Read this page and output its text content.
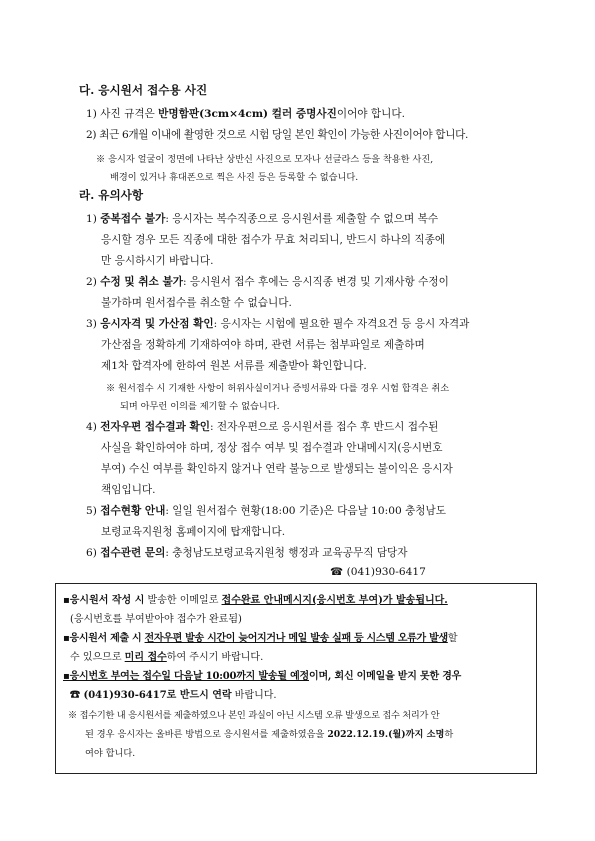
다. 응시원서 접수용 사진
1) 사진 규격은 반명함판(3cm×4cm) 컬러 증명사진이어야 합니다.
2) 최근 6개월 이내에 촬영한 것으로 시험 당일 본인 확인이 가능한 사진이어야 합니다.
※ 응시자 얼굴이 정면에 나타난 상반신 사진으로 모자나 선글라스 등을 착용한 사진,
배경이 있거나 휴대폰으로 찍은 사진 등은 등록할 수 없습니다.
라. 유의사항
1) 중복접수 불가: 응시자는 복수직종으로 응시원서를 제출할 수 없으며 복수
응시할 경우 모든 직종에 대한 접수가 무효 처리되니, 반드시 하나의 직종에
만 응시하시기 바랍니다.
2) 수정 및 취소 불가: 응시원서 접수 후에는 응시직종 변경 및 기재사항 수정이
불가하며 원서접수를 취소할 수 없습니다.
3) 응시자격 및 가산점 확인: 응시자는 시험에 필요한 필수 자격요건 등 응시 자격과
가산점을 정확하게 기재하여야 하며, 관련 서류는 첨부파일로 제출하며
제1차 합격자에 한하여 원본 서류를 제출받아 확인합니다.
※ 원서접수 시 기재한 사항이 허위사실이거나 증빙서류와 다를 경우 시험 합격은 취소
되며 아무런 이의를 제기할 수 없습니다.
4) 전자우편 접수결과 확인: 전자우편으로 응시원서를 접수 후 반드시 접수된
사실을 확인하여야 하며, 정상 접수 여부 및 접수결과 안내메시지(응시번호
부여) 수신 여부를 확인하지 않거나 연락 불능으로 발생되는 불이익은 응시자
책임입니다.
5) 접수현황 안내: 일일 원서접수 현황(18:00 기준)은 다음날 10:00 충청남도
보령교육지원청 홈페이지에 탑재합니다.
6) 접수관련 문의: 충청남도보령교육지원청 행정과 교육공무직 담당자
☎ (041)930-6417
▪응시원서 작성 시 발송한 이메일로 접수완료 안내메시지(응시번호 부여)가 발송됩니다.
(응시번호를 부여받아야 접수가 완료됨)
▪응시원서 제출 시 전자우편 발송 시간이 늦어지거나 메일 발송 실패 등 시스템 오류가 발생할
수 있으므로 미리 접수하여 주시기 바랍니다.
▪응시번호 부여는 접수일 다음날 10:00까지 발송될 예정이며, 회신 이메일을 받지 못한 경우
☎ (041)930-6417로 반드시 연락 바랍니다.
※ 접수기한 내 응시원서를 제출하였으나 본인 과실이 아닌 시스템 오류 발생으로 접수 처리가 안
된 경우 응시자는 올바른 방법으로 응시원서를 제출하였음을 2022.12.19.(월)까지 소명하
여야 합니다.
